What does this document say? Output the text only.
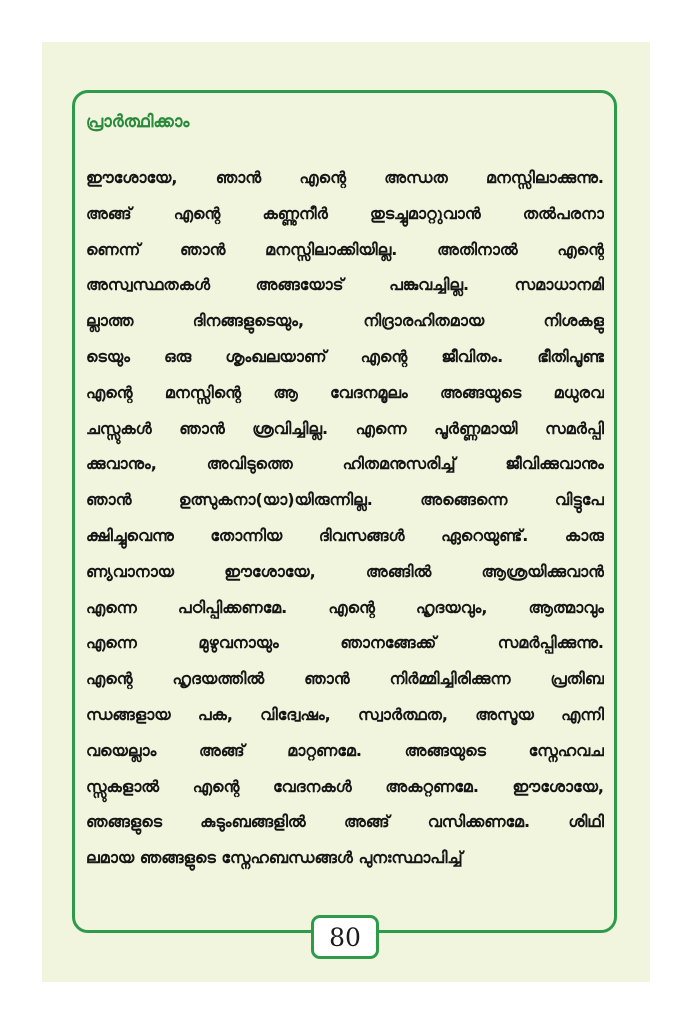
പ്രാർത്ഥിക്കാം
ഈശോയേ, ഞാൻ എന്റെ അന്ധത മനസ്സിലാക്കുന്നു.
അങ്ങ് എന്റെ കണ്ണുനീർ തുടച്ചുമാറ്റുവാൻ തൽപരനാ
ണെന്ന് ഞാൻ മനസ്സിലാക്കിയില്ല. അതിനാൽ എന്റെ
അസ്വസ്ഥതകൾ അങ്ങയോട് പങ്കുവച്ചില്ല. സമാധാനമി
ല്ലാത്ത ദിനങ്ങളുടെയും, നിദ്രാരഹിതമായ നിശകളു
ടെയും ഒരു ശൃംഖലയാണ് എന്റെ ജീവിതം. ഭീതിപൂണ്ട
എന്റെ മനസ്സിന്റെ ആ വേദനമൂലം അങ്ങയുടെ മധുരവ
ചസ്സുകൾ ഞാൻ ശ്രവിച്ചില്ല. എന്നെ പൂർണ്ണമായി സമർപ്പി
ക്കുവാനും, അവിടുത്തെ ഹിതമനുസരിച്ച് ജീവിക്കുവാനും
ഞാൻ ഉത്സുകനാ(യാ)യിരുന്നില്ല. അങ്ങെന്നെ വിട്ടുപേ
ക്ഷിച്ചുവെന്നു തോന്നിയ ദിവസങ്ങൾ ഏറെയുണ്ട്. കാരു
ണ്യവാനായ ഈശോയേ, അങ്ങിൽ ആശ്രയിക്കുവാൻ
എന്നെ പഠിപ്പിക്കണമേ. എന്റെ ഹൃദയവും, ആത്മാവും
എന്നെ മുഴുവനായും ഞാനങ്ങേക്ക് സമർപ്പിക്കുന്നു.
എന്റെ ഹൃദയത്തിൽ ഞാൻ നിർമ്മിച്ചിരിക്കുന്ന പ്രതിബ
ന്ധങ്ങളായ പക, വിദ്വേഷം, സ്വാർത്ഥത, അസൂയ എന്നി
വയെല്ലാം അങ്ങ് മാറ്റണമേ. അങ്ങയുടെ സ്നേഹവച
സ്സുകളാൽ എന്റെ വേദനകൾ അകറ്റണമേ. ഈശോയേ,
ഞങ്ങളുടെ കുടുംബങ്ങളിൽ അങ്ങ് വസിക്കണമേ. ശിഥി
ലമായ ഞങ്ങളുടെ സ്നേഹബന്ധങ്ങൾ പുനഃസ്ഥാപിച്ച്
80
